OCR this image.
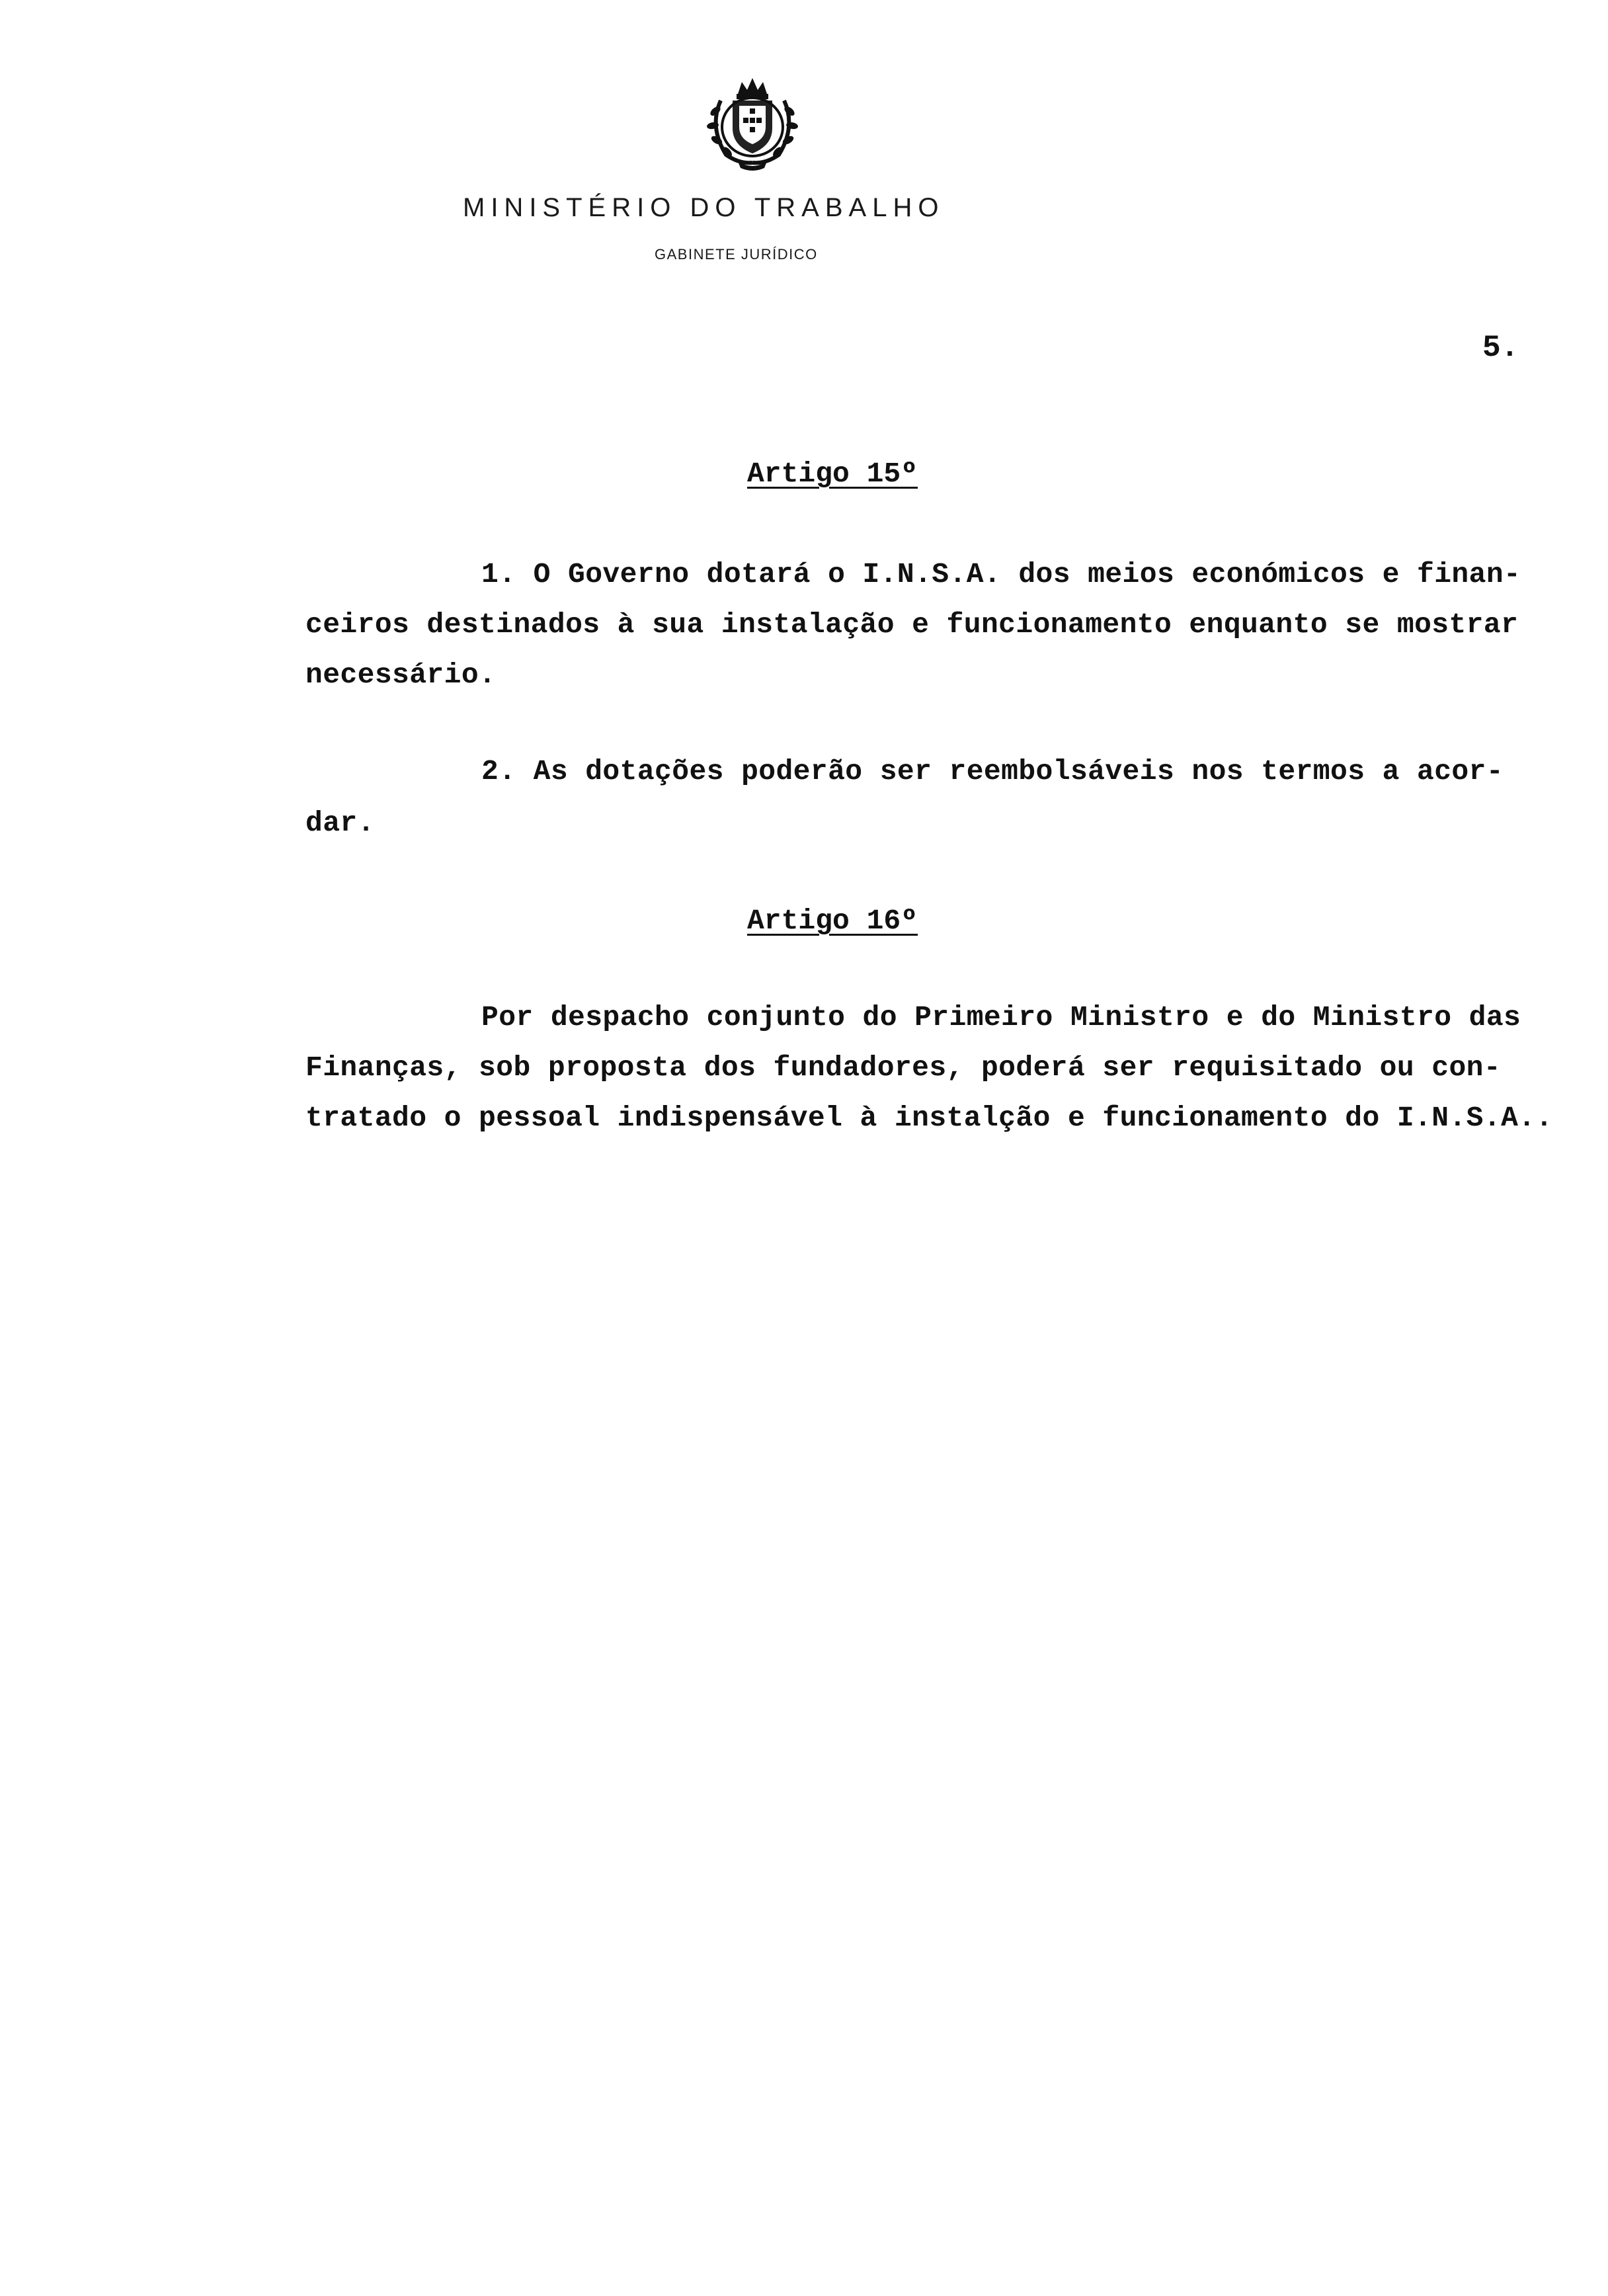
MINISTÉRIO DO TRABALHO
GABINETE JURÍDICO
5.
Artigo 15º
1. O Governo dotará o I.N.S.A. dos meios económicos e finan-
ceiros destinados à sua instalação e funcionamento enquanto se mostrar
necessário.
2. As dotações poderão ser reembolsáveis nos termos a acor-
dar.
Artigo 16º
Por despacho conjunto do Primeiro Ministro e do Ministro das
Finanças, sob proposta dos fundadores, poderá ser requisitado ou con-
tratado o pessoal indispensável à instalção e funcionamento do I.N.S.A..
